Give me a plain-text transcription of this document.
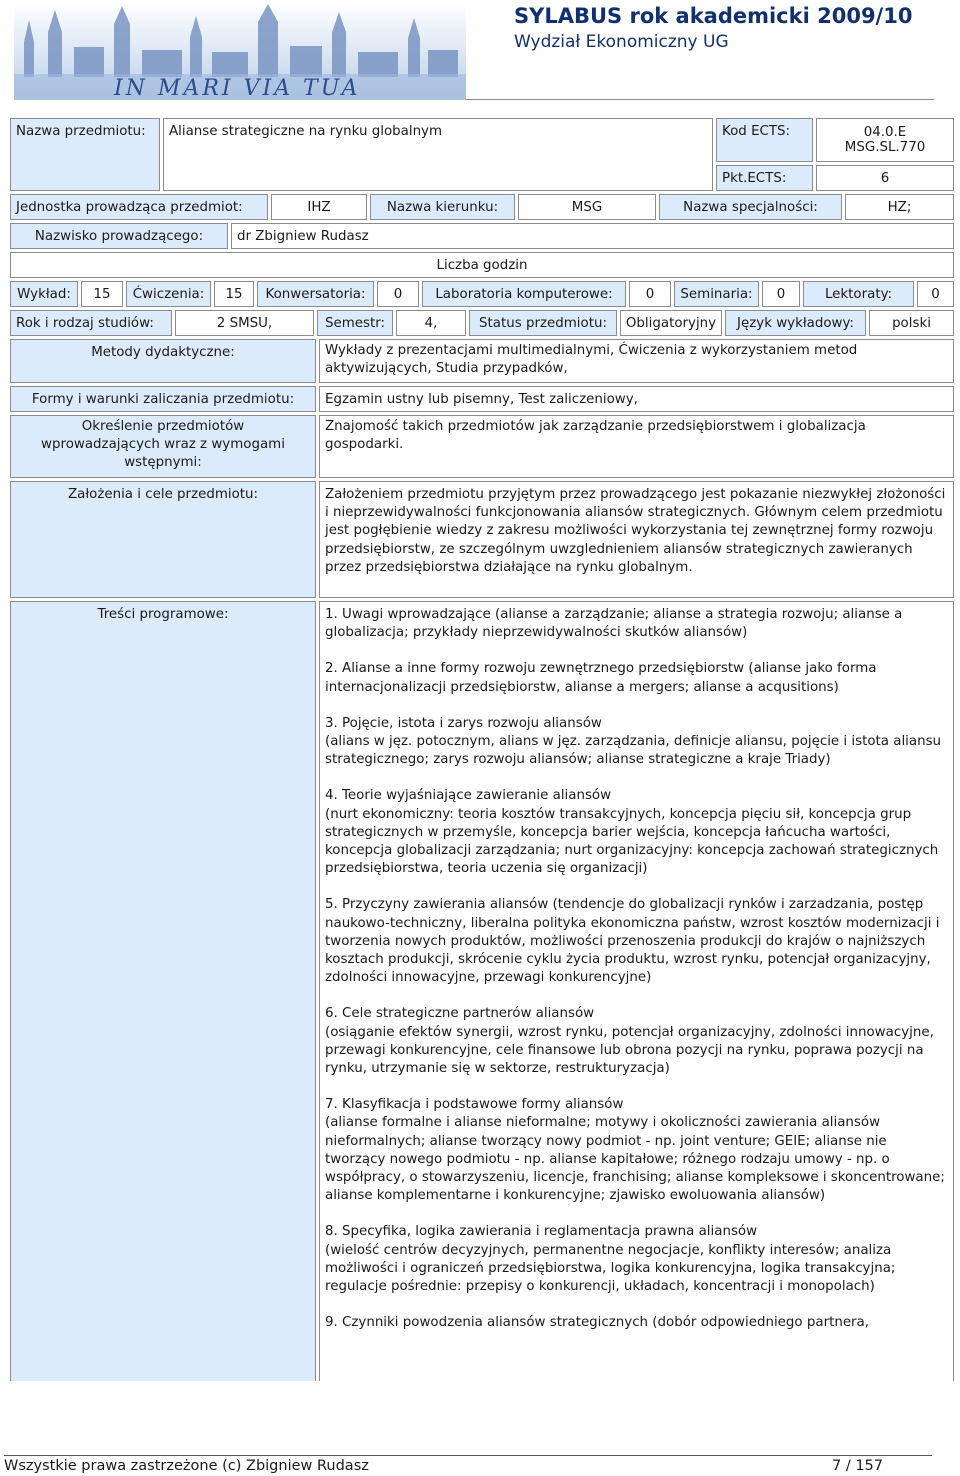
IN MARI VIA TUA
SYLABUS rok akademicki 2009/10
Wydział Ekonomiczny UG
Nazwa przedmiotu:	Alianse strategiczne na rynku globalnym	Kod ECTS:	04.0.E
MSG.SL.770
Pkt.ECTS:	6
Jednostka prowadząca przedmiot:	IHZ	Nazwa kierunku:	MSG	Nazwa specjalności:	HZ;
Nazwisko prowadzącego:	dr Zbigniew Rudasz
Liczba godzin
Wykład:	15	Ćwiczenia:	15	Konwersatoria:	0	Laboratoria komputerowe:	0	Seminaria:	0	Lektoraty:	0
Rok i rodzaj studiów:	2 SMSU,	Semestr:	4,	Status przedmiotu:	Obligatoryjny	Język wykładowy:	polski
Metody dydaktyczne:	Wykłady z prezentacjami multimedialnymi, Ćwiczenia z wykorzystaniem metod aktywizujących, Studia przypadków,
Formy i warunki zaliczania przedmiotu:	Egzamin ustny lub pisemny, Test zaliczeniowy,
Określenie przedmiotów wprowadzających wraz z wymogami wstępnymi:
Znajomość takich przedmiotów jak zarządzanie przedsiębiorstwem i globalizacja gospodarki.
Założenia i cele przedmiotu:	Założeniem przedmiotu przyjętym przez prowadzącego jest pokazanie niezwykłej złożoności i nieprzewidywalności funkcjonowania aliansów strategicznych. Głównym celem przedmiotu jest pogłębienie wiedzy z zakresu możliwości wykorzystania tej zewnętrznej formy rozwoju przedsiębiorstw, ze szczególnym uwzglednieniem aliansów strategicznych zawieranych przez przedsiębiorstwa działające na rynku globalnym.
Treści programowe:	1. Uwagi wprowadzające (alianse a zarządzanie; alianse a strategia rozwoju; alianse a globalizacja; przykłady nieprzewidywalności skutków aliansów)

2. Alianse a inne formy rozwoju zewnętrznego przedsiębiorstw (alianse jako forma internacjonalizacji przedsiębiorstw, alianse a mergers; alianse a acqusitions)

3. Pojęcie, istota i zarys rozwoju aliansów
(alians w jęz. potocznym, alians w jęz. zarządzania, definicje aliansu, pojęcie i istota aliansu strategicznego; zarys rozwoju aliansów; alianse strategiczne a kraje Triady)

4. Teorie wyjaśniające zawieranie aliansów
(nurt ekonomiczny: teoria kosztów transakcyjnych, koncepcja pięciu sił, koncepcja grup strategicznych w przemyśle, koncepcja barier wejścia, koncepcja łańcucha wartości, koncepcja globalizacji zarządzania; nurt organizacyjny: koncepcja zachowań strategicznych przedsiębiorstwa, teoria uczenia się organizacji)

5. Przyczyny zawierania aliansów (tendencje do globalizacji rynków i zarzadzania, postęp naukowo-techniczny, liberalna polityka ekonomiczna państw, wzrost kosztów modernizacji i tworzenia nowych produktów, możliwości przenoszenia produkcji do krajów o najniższych kosztach produkcji, skrócenie cyklu życia produktu, wzrost rynku, potencjał organizacyjny, zdolności innowacyjne, przewagi konkurencyjne)

6. Cele strategiczne partnerów aliansów
(osiąganie efektów synergii, wzrost rynku, potencjał organizacyjny, zdolności innowacyjne, przewagi konkurencyjne, cele finansowe lub obrona pozycji na rynku, poprawa pozycji na rynku, utrzymanie się w sektorze, restrukturyzacja)

7. Klasyfikacja i podstawowe formy aliansów
(alianse formalne i alianse nieformalne; motywy i okoliczności zawierania aliansów nieformalnych; alianse tworzący nowy podmiot - np. joint venture; GEIE; alianse nie tworzący nowego podmiotu - np. alianse kapitałowe; różnego rodzaju umowy - np. o współpracy, o stowarzyszeniu, licencje, franchising; alianse kompleksowe i skoncentrowane; alianse komplementarne i konkurencyjne; zjawisko ewoluowania aliansów)

8. Specyfika, logika zawierania i reglamentacja prawna aliansów
(wielość centrów decyzyjnych, permanentne negocjacje, konflikty interesów; analiza możliwości i ograniczeń przedsiębiorstwa, logika konkurencyjna, logika transakcyjna; regulacje pośrednie: przepisy o konkurencji, układach, koncentracji i monopolach)

9. Czynniki powodzenia aliansów strategicznych (dobór odpowiedniego partnera,

Wszystkie prawa zastrzeżone (c) Zbigniew Rudasz	7 / 157
